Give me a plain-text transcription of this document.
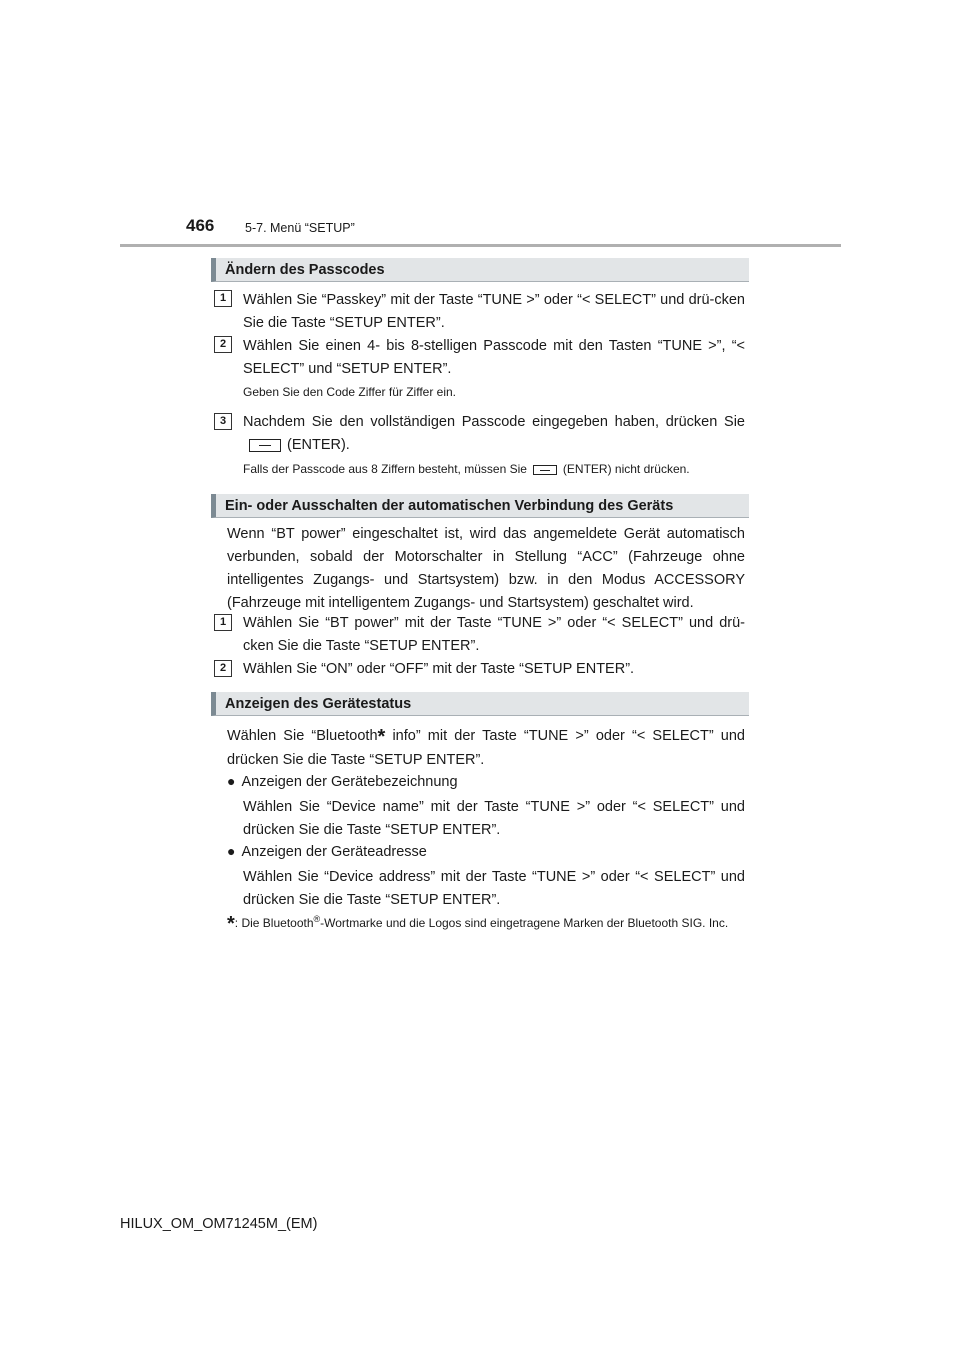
466 5-7. Menü “SETUP”
Ändern des Passcodes
1	Wählen Sie “Passkey” mit der Taste “TUNE >” oder “< SELECT” und drü-cken Sie die Taste “SETUP ENTER”.

2	Wählen Sie einen 4- bis 8-stelligen Passcode mit den Tasten “TUNE >”, “< SELECT” und “SETUP ENTER”.

Geben Sie den Code Ziffer für Ziffer ein.

3	Nachdem Sie den vollständigen Passcode eingegeben haben, drücken Sie
(ENTER).

Falls der Passcode aus 8 Ziffern besteht, müssen Sie	(ENTER) nicht drücken.

Ein- oder Ausschalten der automatischen Verbindung des Geräts

Wenn “BT power” eingeschaltet ist, wird das angemeldete Gerät automatisch verbunden, sobald der Motorschalter in Stellung “ACC” (Fahrzeuge ohne intelligentes Zugangs- und Startsystem) bzw. in den Modus ACCESSORY (Fahrzeuge mit intelligentem Zugangs- und Startsystem) geschaltet wird.

1	Wählen Sie “BT power” mit der Taste “TUNE >” oder “< SELECT” und drü-cken Sie die Taste “SETUP ENTER”.

2	Wählen Sie “ON” oder “OFF” mit der Taste “SETUP ENTER”.

Anzeigen des Gerätestatus

Wählen Sie “Bluetooth* info” mit der Taste “TUNE >” oder “< SELECT” und drücken Sie die Taste “SETUP ENTER”.

● Anzeigen der Gerätebezeichnung

Wählen Sie “Device name” mit der Taste “TUNE >” oder “< SELECT” und drücken Sie die Taste “SETUP ENTER”.

● Anzeigen der Geräteadresse

Wählen Sie “Device address” mit der Taste “TUNE >” oder “< SELECT” und drücken Sie die Taste “SETUP ENTER”.

*: Die Bluetooth®-Wortmarke und die Logos sind eingetragene Marken der Bluetooth SIG. Inc.

HILUX_OM_OM71245M_(EM)
